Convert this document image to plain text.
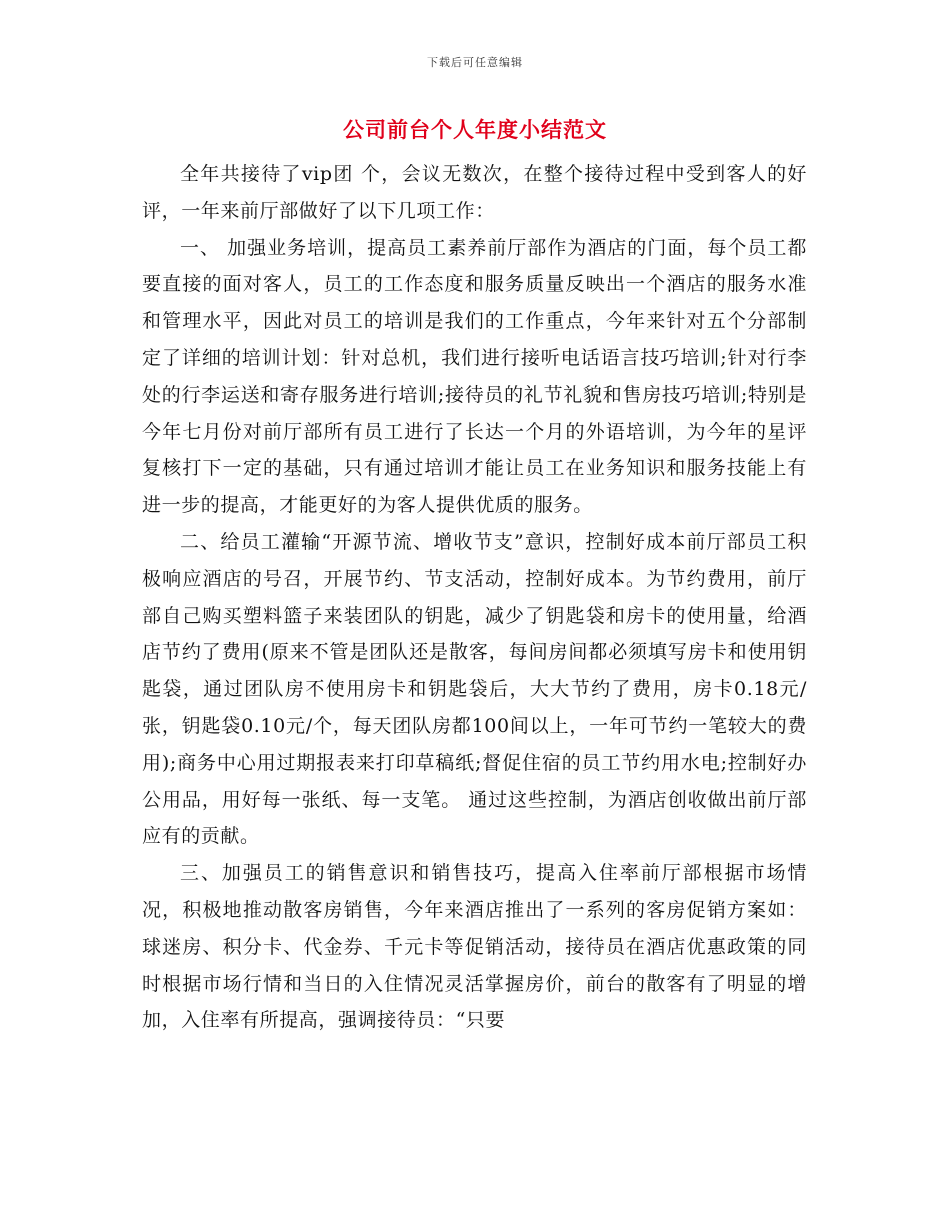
下载后可任意编辑
公司前台个人年度小结范文

全年共接待了vip团 个，会议无数次，在整个接待过程中受到客人的好评，一年来前厅部做好了以下几项工作：

一、 加强业务培训，提高员工素养前厅部作为酒店的门面，每个员工都要直接的面对客人，员工的工作态度和服务质量反映出一个酒店的服务水准和管理水平，因此对员工的培训是我们的工作重点，今年来针对五个分部制定了详细的培训计划：针对总机，我们进行接听电话语言技巧培训;针对行李处的行李运送和寄存服务进行培训;接待员的礼节礼貌和售房技巧培训;特别是今年七月份对前厅部所有员工进行了长达一个月的外语培训，为今年的星评复核打下一定的基础，只有通过培训才能让员工在业务知识和服务技能上有进一步的提高，才能更好的为客人提供优质的服务。

二、给员工灌输“开源节流、增收节支”意识，控制好成本前厅部员工积极响应酒店的号召，开展节约、节支活动，控制好成本。为节约费用，前厅部自己购买塑料篮子来装团队的钥匙，减少了钥匙袋和房卡的使用量，给酒店节约了费用(原来不管是团队还是散客，每间房间都必须填写房卡和使用钥匙袋，通过团队房不使用房卡和钥匙袋后，大大节约了费用，房卡0.18元/张，钥匙袋0.10元/个，每天团队房都100间以上，一年可节约一笔较大的费用);商务中心用过期报表来打印草稿纸;督促住宿的员工节约用水电;控制好办公用品，用好每一张纸、每一支笔。 通过这些控制，为酒店创收做出前厅部应有的贡献。

三、加强员工的销售意识和销售技巧，提高入住率前厅部根据市场情况，积极地推动散客房销售，今年来酒店推出了一系列的客房促销方案如：球迷房、积分卡、代金券、千元卡等促销活动，接待员在酒店优惠政策的同时根据市场行情和当日的入住情况灵活掌握房价，前台的散客有了明显的增加，入住率有所提高，强调接待员：“只要
